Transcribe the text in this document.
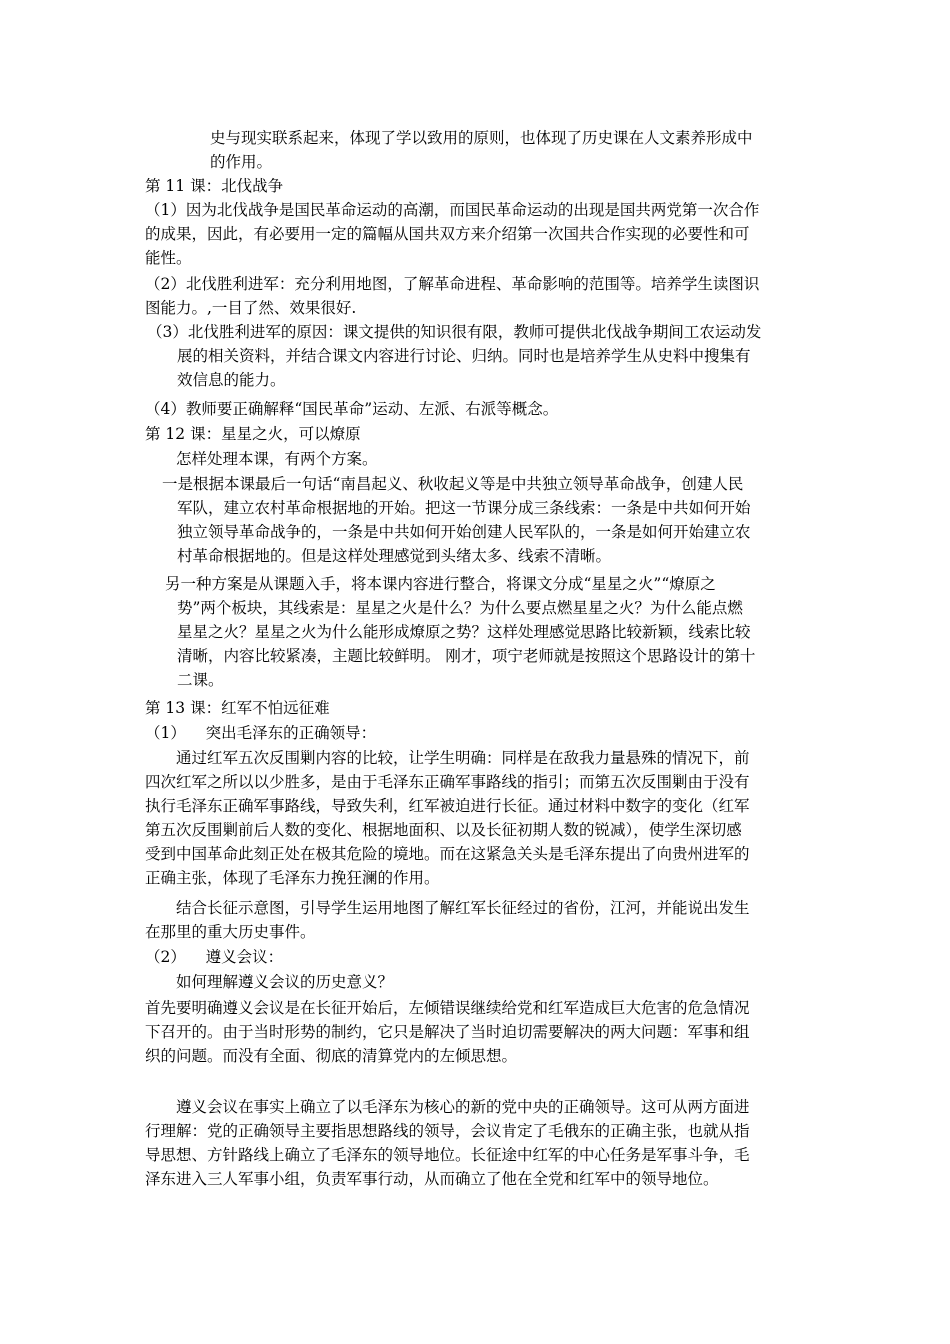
史与现实联系起来，体现了学以致用的原则，也体现了历史课在人文素养形成中

的作用。

第 11 课：北伐战争

（1）因为北伐战争是国民革命运动的高潮，而国民革命运动的出现是国共两党第一次合作

的成果，因此，有必要用一定的篇幅从国共双方来介绍第一次国共合作实现的必要性和可

能性。

（2）北伐胜利进军：充分利用地图，了解革命进程、革命影响的范围等。培养学生读图识

图能力。,一目了然、效果很好.

（3）北伐胜利进军的原因：课文提供的知识很有限，教师可提供北伐战争期间工农运动发

展的相关资料，并结合课文内容进行讨论、归纳。同时也是培养学生从史料中搜集有

效信息的能力。

（4）教师要正确解释“国民革命”运动、左派、右派等概念。

第 12 课：星星之火，可以燎原

怎样处理本课，有两个方案。

一是根据本课最后一句话“南昌起义、秋收起义等是中共独立领导革命战争，创建人民

军队，建立农村革命根据地的开始。把这一节课分成三条线索：一条是中共如何开始

独立领导革命战争的，一条是中共如何开始创建人民军队的，一条是如何开始建立农

村革命根据地的。但是这样处理感觉到头绪太多、线索不清晰。

另一种方案是从课题入手，将本课内容进行整合，将课文分成“星星之火”“燎原之

势”两个板块，其线索是：星星之火是什么？为什么要点燃星星之火？为什么能点燃

星星之火？星星之火为什么能形成燎原之势？这样处理感觉思路比较新颖，线索比较

清晰，内容比较紧凑，主题比较鲜明。 刚才，项宁老师就是按照这个思路设计的第十

二课。

第 13 课：红军不怕远征难

（1）    突出毛泽东的正确领导：

通过红军五次反围剿内容的比较，让学生明确：同样是在敌我力量悬殊的情况下，前

四次红军之所以以少胜多，是由于毛泽东正确军事路线的指引；而第五次反围剿由于没有

执行毛泽东正确军事路线，导致失利，红军被迫进行长征。通过材料中数字的变化（红军

第五次反围剿前后人数的变化、根据地面积、以及长征初期人数的锐减），使学生深切感

受到中国革命此刻正处在极其危险的境地。而在这紧急关头是毛泽东提出了向贵州进军的

正确主张，体现了毛泽东力挽狂澜的作用。

结合长征示意图，引导学生运用地图了解红军长征经过的省份，江河，并能说出发生

在那里的重大历史事件。

（2）    遵义会议：

如何理解遵义会议的历史意义？

首先要明确遵义会议是在长征开始后，左倾错误继续给党和红军造成巨大危害的危急情况

下召开的。由于当时形势的制约，它只是解决了当时迫切需要解决的两大问题：军事和组

织的问题。而没有全面、彻底的清算党内的左倾思想。

遵义会议在事实上确立了以毛泽东为核心的新的党中央的正确领导。这可从两方面进

行理解：党的正确领导主要指思想路线的领导，会议肯定了毛俄东的正确主张，也就从指

导思想、方针路线上确立了毛泽东的领导地位。长征途中红军的中心任务是军事斗争，毛

泽东进入三人军事小组，负责军事行动，从而确立了他在全党和红军中的领导地位。
